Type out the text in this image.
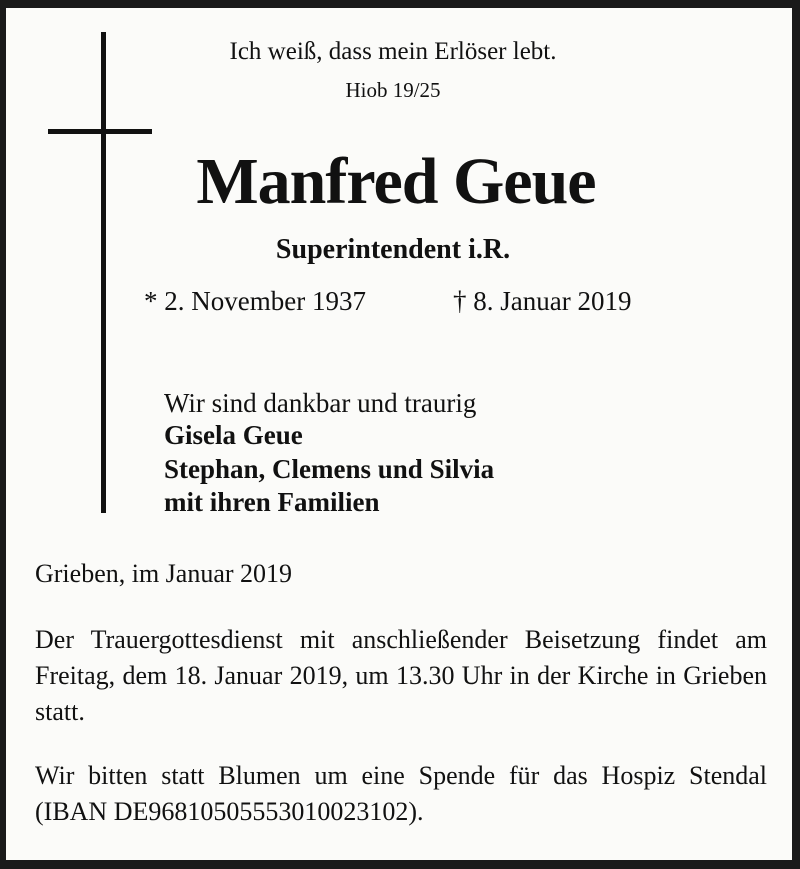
Ich weiß, dass mein Erlöser lebt.
Hiob 19/25
Manfred Geue
Superintendent i.R.
* 2. November 1937	† 8. Januar 2019
Wir sind dankbar und traurig
Gisela Geue
Stephan, Clemens und Silvia
mit ihren Familien
Grieben, im Januar 2019

Der Trauergottesdienst mit anschließender Beisetzung findet am Freitag, dem 18. Januar 2019, um 13.30 Uhr in der Kirche in Grieben statt.

Wir bitten statt Blumen um eine Spende für das Hospiz Stendal (IBAN DE96810505553010023102).
